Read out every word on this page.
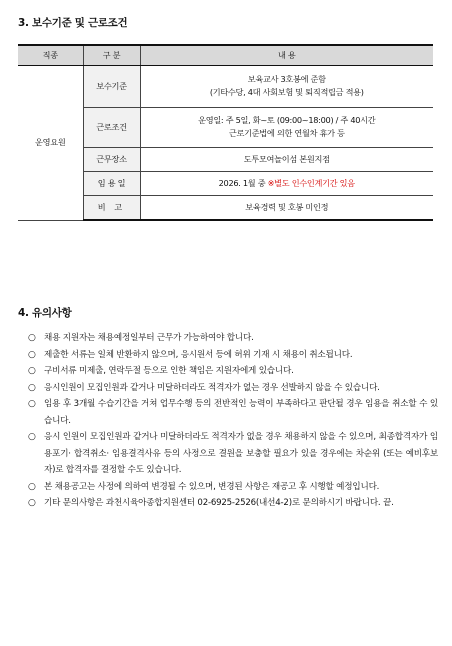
3. 보수기준 및 근로조건
직종	구 분	내 용
운영요원	보수기준	보육교사 3호봉에 준함
(기타수당, 4대 사회보험 및 퇴직적립금 적용)

	근로조건	운영일: 주 5일, 화~토 (09:00~18:00) / 주 40시간
근로기준법에 의한 연월차 휴가 등

	근무장소	도투모여놀이섬 본원지점
	임 용 일	2026. 1월 중 ※별도 인수인계기간 있음
	비 고	보육경력 및 호봉 미인정
4. 유의사항
○ 채용 지원자는 채용예정일부터 근무가 가능하여야 합니다.
○ 제출한 서류는 일체 반환하지 않으며, 응시원서 등에 허위 기재 시 채용이 취소됩니다.
○ 구비서류 미제출, 연락두절 등으로 인한 책임은 지원자에게 있습니다.
○ 응시인원이 모집인원과 같거나 미달하더라도 적격자가 없는 경우 선발하지 않을 수 있습니다.
○ 임용 후 3개월 수습기간을 거쳐 업무수행 등의 전반적인 능력이 부족하다고 판단될 경우 임용을 취소할 수 있습니다.
○ 응시 인원이 모집인원과 같거나 미달하더라도 적격자가 없을 경우 채용하지 않을 수 있으며, 최종합격자가 임용포기· 합격취소· 임용결격사유 등의 사정으로 결원을 보충할 필요가 있을 경우에는 차순위 (또는 예비후보자)로 합격자를 결정할 수도 있습니다.
○ 본 채용공고는 사정에 의하여 변경될 수 있으며, 변경된 사항은 재공고 후 시행할 예정입니다.
○ 기타 문의사항은 과천시육아종합지원센터 02-6925-2526(내선4-2)로 문의하시기 바랍니다. 끝.
